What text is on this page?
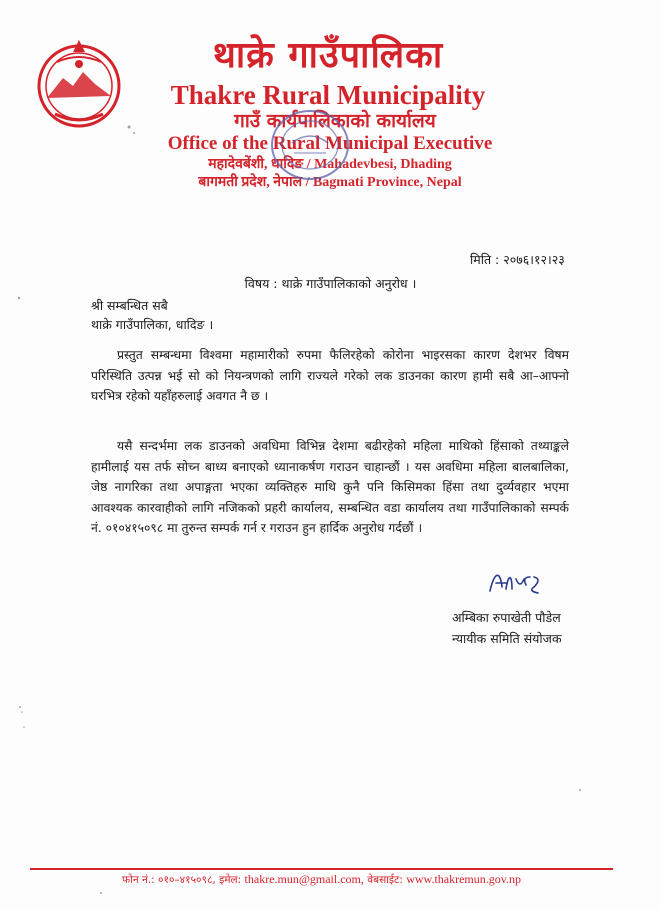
थाक्रे गाउँपालिका
Thakre Rural Municipality
गाउँ कार्यपालिकाको कार्यालय
Office of the Rural Municipal Executive
महादेवबेंशी, धादिङ / Mahadevbesi, Dhading
बागमती प्रदेश, नेपाल / Bagmati Province, Nepal
मिति : २०७६।१२।२३
विषय : थाक्रे गाउँपालिकाको अनुरोध ।
श्री सम्बन्धित सबै
थाक्रे गाउँपालिका, धादिङ ।

प्रस्तुत सम्बन्धमा विश्वमा महामारीको रुपमा फैलिरहेको कोरोना भाइरसका कारण देशभर विषम परिस्थिति उत्पन्न भई सो को नियन्त्रणको लागि राज्यले गरेको लक डाउनका कारण हामी सबै आ–आफ्नो घरभित्र रहेको यहाँहरुलाई अवगत नै छ ।

यसै सन्दर्भमा लक डाउनको अवधिमा विभिन्न देशमा बढीरहेको महिला माथिको हिंसाको तथ्याङ्कले हामीलाई यस तर्फ सोच्न बाध्य बनाएको ध्यानाकर्षण गराउन चाहान्छौं । यस अवधिमा महिला बालबालिका, जेष्ठ नागरिका तथा अपाङ्गता भएका व्यक्तिहरु माथि कुनै पनि किसिमका हिंसा तथा दुर्व्यवहार भएमा आवश्यक कारवाहीको लागि नजिकको प्रहरी कार्यालय, सम्बन्धित वडा कार्यालय तथा गाउँपालिकाको सम्पर्क नं. ०१०४१५०९८ मा तुरुन्त सम्पर्क गर्न र गराउन हुन हार्दिक अनुरोध गर्दछौं ।

अम्बिका रुपाखेती पौडेल
न्यायीक समिति संयोजक
फोन नं.: ०१०–४१५०९८, इमेल: thakre.mun@gmail.com, वेबसाईट: www.thakremun.gov.np
